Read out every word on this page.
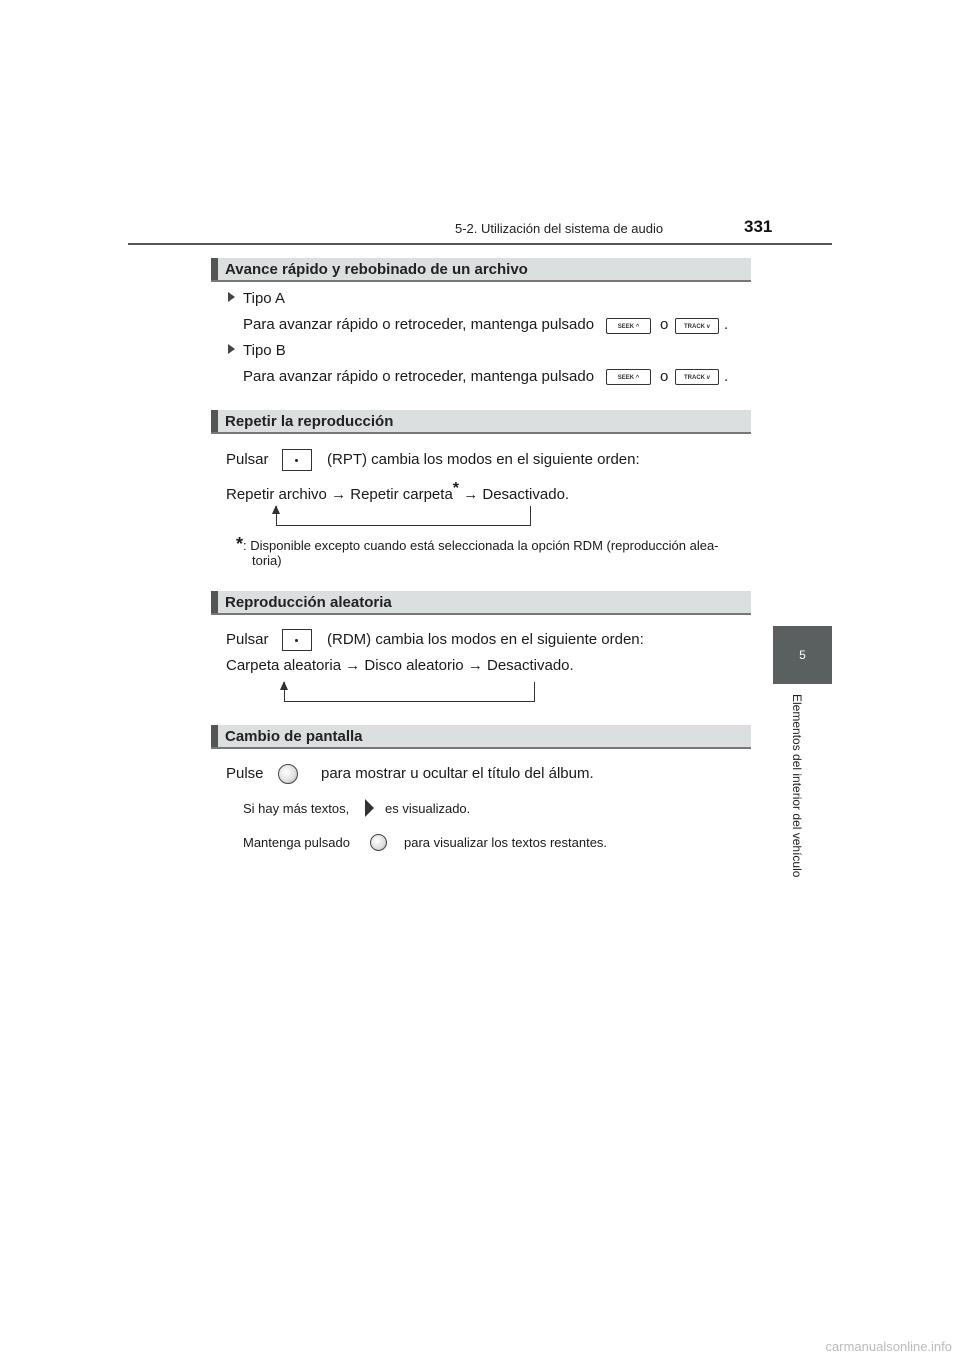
5-2. Utilización del sistema de audio	331
5
Elementos del interior del vehículo
Avance rápido y rebobinado de un archivo
Tipo A
Para avanzar rápido o retroceder, mantenga pulsado	SEEK ^	o	TRACK v .
Tipo B
Para avanzar rápido o retroceder, mantenga pulsado	SEEK ^	o	TRACK v .
Repetir la reproducción
Pulsar	(RPT) cambia los modos en el siguiente orden:
Repetir archivo → Repetir carpeta* → Desactivado.
*: Disponible excepto cuando está seleccionada la opción RDM (reproducción alea-
toria)
Reproducción aleatoria
Pulsar	(RDM) cambia los modos en el siguiente orden:
Carpeta aleatoria → Disco aleatorio → Desactivado.
Cambio de pantalla
Pulse	para mostrar u ocultar el título del álbum.
Si hay más textos,	es visualizado.
Mantenga pulsado	para visualizar los textos restantes.
carmanualsonline.info
